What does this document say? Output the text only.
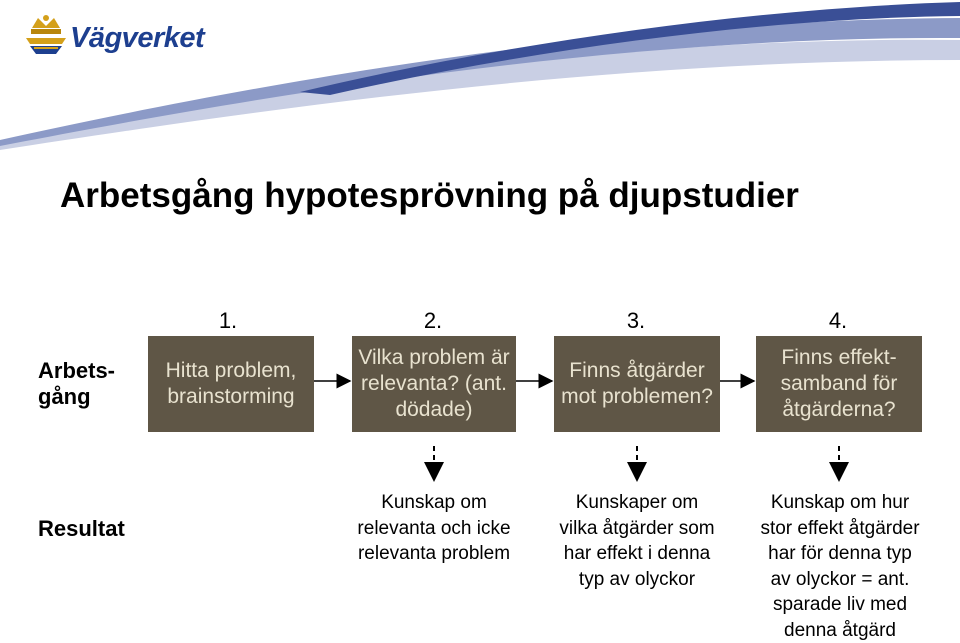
Vägverket
Arbetsgång hypotesprövning på djupstudier
Arbets-
gång
Resultat
1.	2.	3.	4.
Hitta problem, brainstorming
Vilka problem är relevanta? (ant. dödade)
Finns åtgärder mot problemen?
Finns effekt-samband för åtgärderna?
Kunskap om
relevanta och icke
relevanta problem
Kunskaper om
vilka åtgärder som
har effekt i denna
typ av olyckor
Kunskap om hur
stor effekt åtgärder
har för denna typ
av olyckor = ant.
sparade liv med
denna åtgärd
